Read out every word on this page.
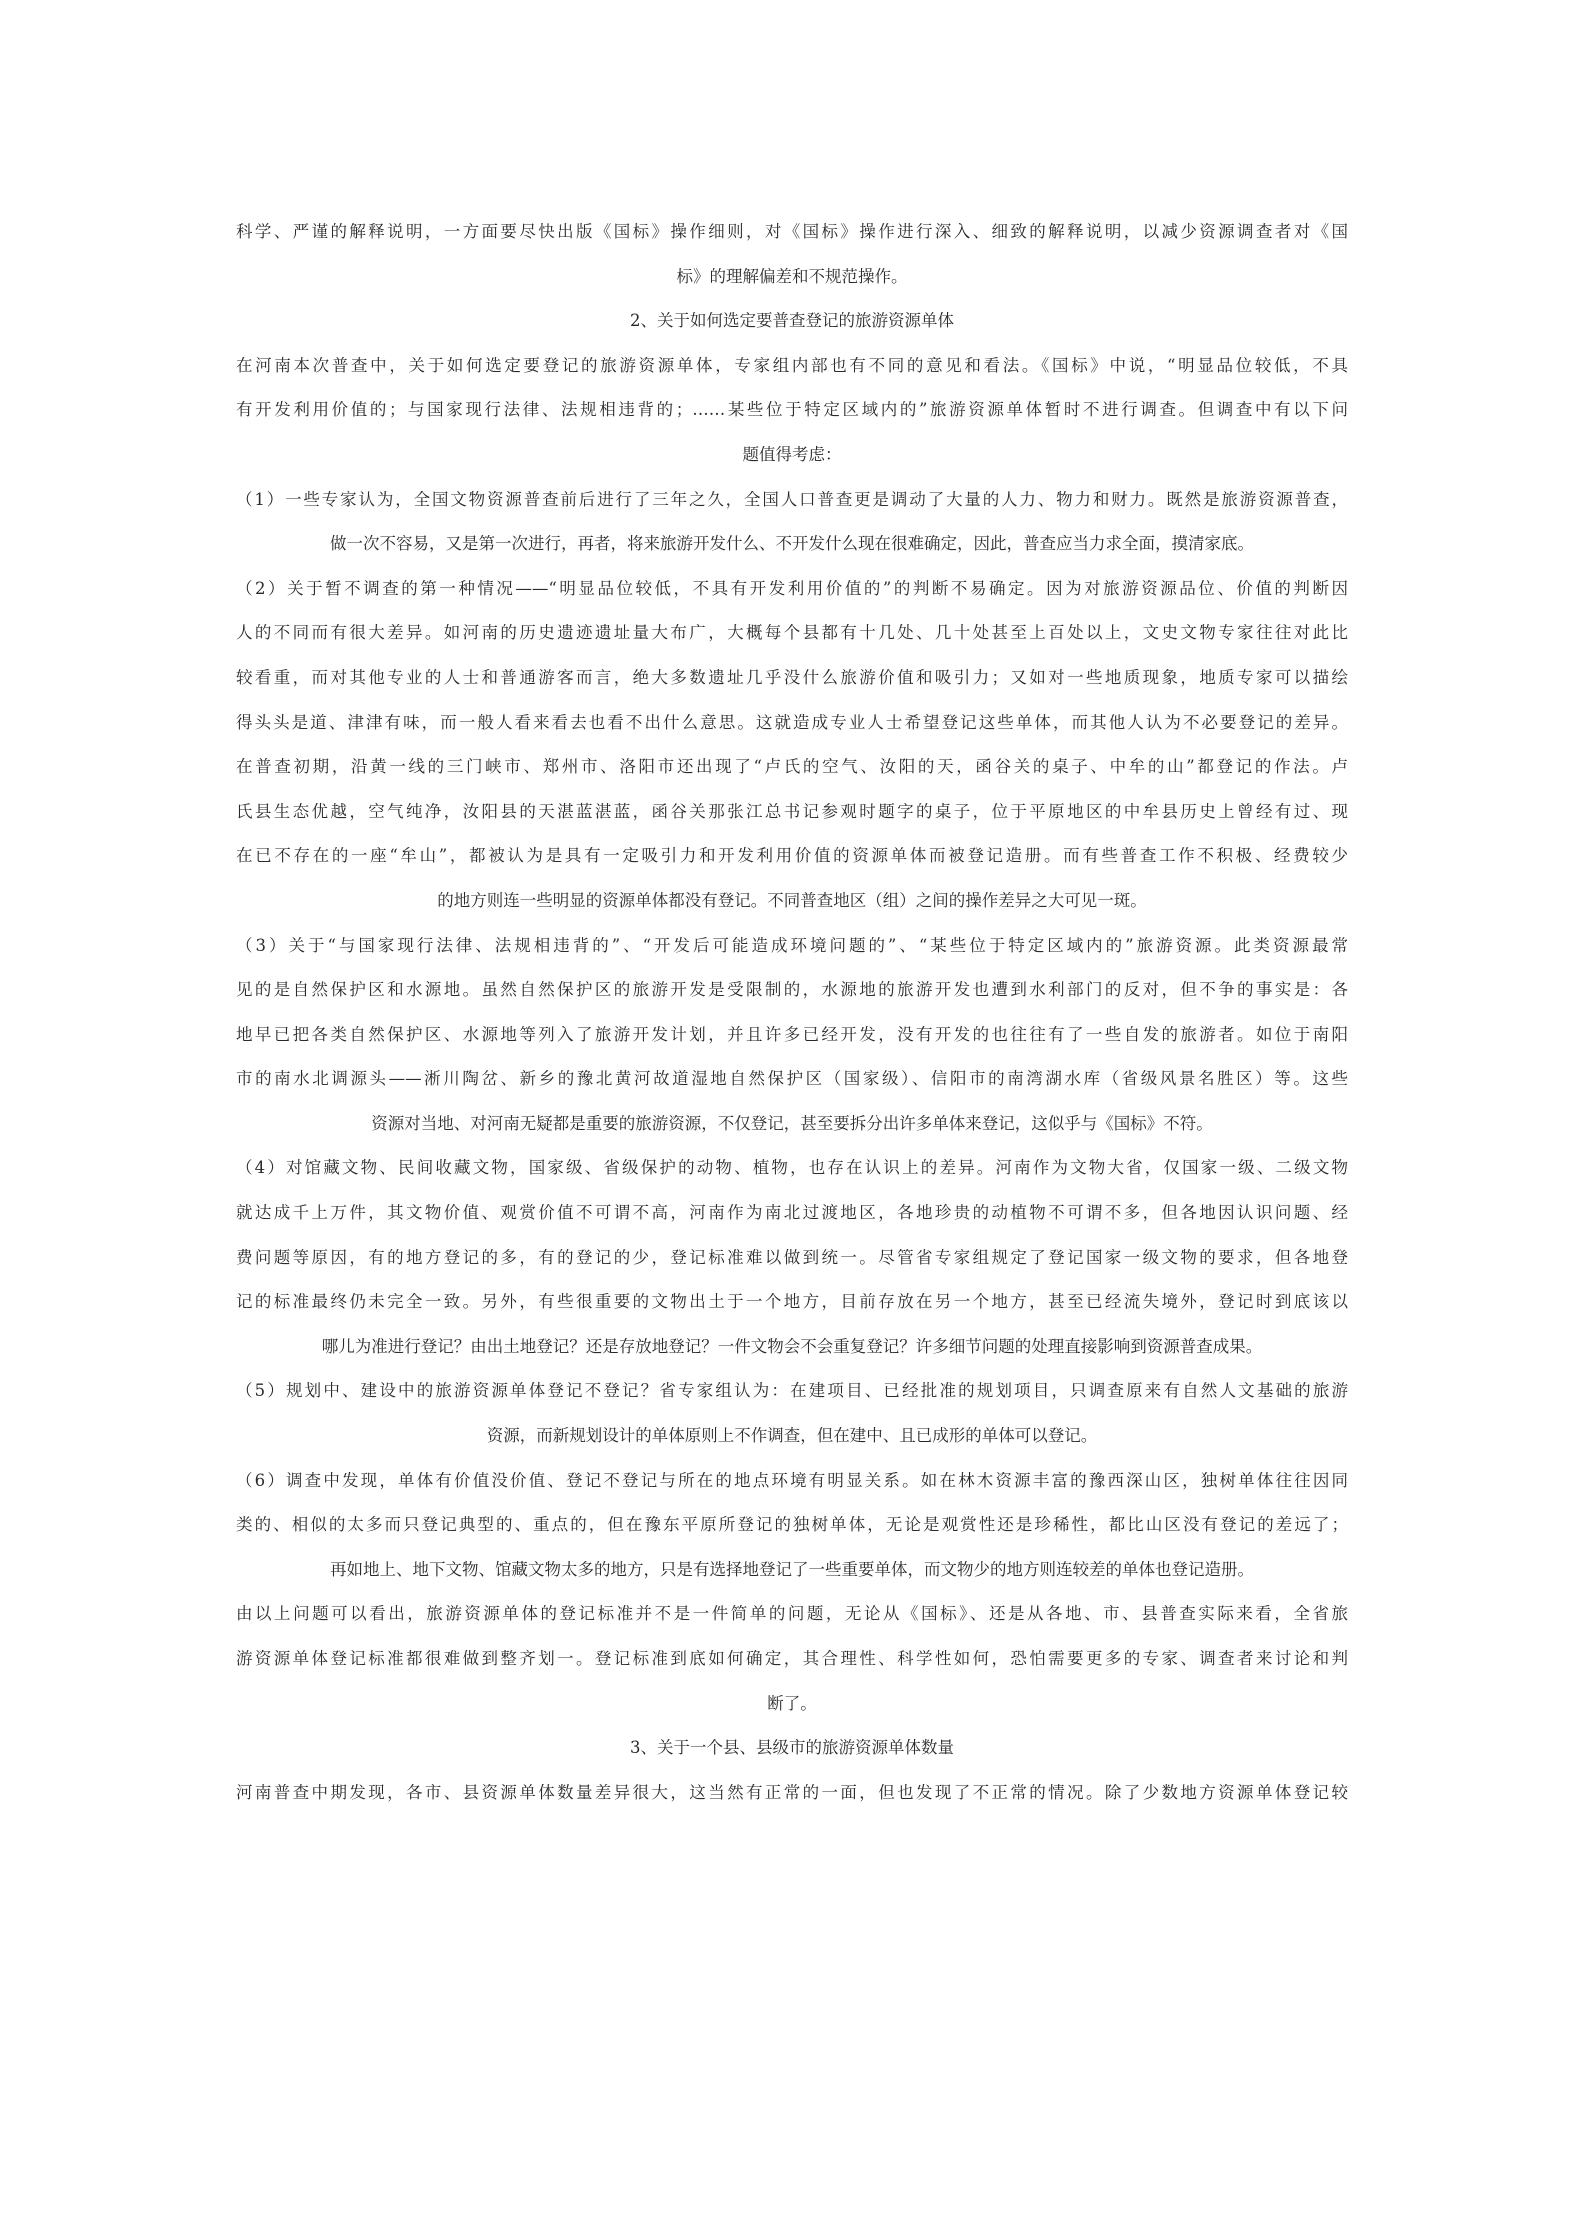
科学、严谨的解释说明，一方面要尽快出版《国标》操作细则，对《国标》操作进行深入、细致的解释说明，以减少资源调查者对《国
标》的理解偏差和不规范操作。
2、关于如何选定要普查登记的旅游资源单体
在河南本次普查中，关于如何选定要登记的旅游资源单体，专家组内部也有不同的意见和看法。《国标》中说，“明显品位较低，不具
有开发利用价值的；与国家现行法律、法规相违背的；……某些位于特定区域内的”旅游资源单体暂时不进行调查。但调查中有以下问
题值得考虑：
（1）一些专家认为，全国文物资源普查前后进行了三年之久，全国人口普查更是调动了大量的人力、物力和财力。既然是旅游资源普查，
做一次不容易，又是第一次进行，再者，将来旅游开发什么、不开发什么现在很难确定，因此，普查应当力求全面，摸清家底。
（2）关于暂不调查的第一种情况——“明显品位较低，不具有开发利用价值的”的判断不易确定。因为对旅游资源品位、价值的判断因
人的不同而有很大差异。如河南的历史遗迹遗址量大布广，大概每个县都有十几处、几十处甚至上百处以上，文史文物专家往往对此比
较看重，而对其他专业的人士和普通游客而言，绝大多数遗址几乎没什么旅游价值和吸引力；又如对一些地质现象，地质专家可以描绘
得头头是道、津津有味，而一般人看来看去也看不出什么意思。这就造成专业人士希望登记这些单体，而其他人认为不必要登记的差异。
在普查初期，沿黄一线的三门峡市、郑州市、洛阳市还出现了“卢氏的空气、汝阳的天，函谷关的桌子、中牟的山”都登记的作法。卢
氏县生态优越，空气纯净，汝阳县的天湛蓝湛蓝，函谷关那张江总书记参观时题字的桌子，位于平原地区的中牟县历史上曾经有过、现
在已不存在的一座“牟山”，都被认为是具有一定吸引力和开发利用价值的资源单体而被登记造册。而有些普查工作不积极、经费较少
的地方则连一些明显的资源单体都没有登记。不同普查地区（组）之间的操作差异之大可见一斑。
（3）关于“与国家现行法律、法规相违背的”、“开发后可能造成环境问题的”、“某些位于特定区域内的”旅游资源。此类资源最常
见的是自然保护区和水源地。虽然自然保护区的旅游开发是受限制的，水源地的旅游开发也遭到水利部门的反对，但不争的事实是：各
地早已把各类自然保护区、水源地等列入了旅游开发计划，并且许多已经开发，没有开发的也往往有了一些自发的旅游者。如位于南阳
市的南水北调源头——淅川陶岔、新乡的豫北黄河故道湿地自然保护区（国家级）、信阳市的南湾湖水库（省级风景名胜区）等。这些
资源对当地、对河南无疑都是重要的旅游资源，不仅登记，甚至要拆分出许多单体来登记，这似乎与《国标》不符。
（4）对馆藏文物、民间收藏文物，国家级、省级保护的动物、植物，也存在认识上的差异。河南作为文物大省，仅国家一级、二级文物
就达成千上万件，其文物价值、观赏价值不可谓不高，河南作为南北过渡地区，各地珍贵的动植物不可谓不多，但各地因认识问题、经
费问题等原因，有的地方登记的多，有的登记的少，登记标准难以做到统一。尽管省专家组规定了登记国家一级文物的要求，但各地登
记的标准最终仍未完全一致。另外，有些很重要的文物出土于一个地方，目前存放在另一个地方，甚至已经流失境外，登记时到底该以
哪儿为准进行登记？由出土地登记？还是存放地登记？一件文物会不会重复登记？许多细节问题的处理直接影响到资源普查成果。
（5）规划中、建设中的旅游资源单体登记不登记？省专家组认为：在建项目、已经批准的规划项目，只调查原来有自然人文基础的旅游
资源，而新规划设计的单体原则上不作调查，但在建中、且已成形的单体可以登记。
（6）调查中发现，单体有价值没价值、登记不登记与所在的地点环境有明显关系。如在林木资源丰富的豫西深山区，独树单体往往因同
类的、相似的太多而只登记典型的、重点的，但在豫东平原所登记的独树单体，无论是观赏性还是珍稀性，都比山区没有登记的差远了；
再如地上、地下文物、馆藏文物太多的地方，只是有选择地登记了一些重要单体，而文物少的地方则连较差的单体也登记造册。
由以上问题可以看出，旅游资源单体的登记标准并不是一件简单的问题，无论从《国标》、还是从各地、市、县普查实际来看，全省旅
游资源单体登记标准都很难做到整齐划一。登记标准到底如何确定，其合理性、科学性如何，恐怕需要更多的专家、调查者来讨论和判
断了。
3、关于一个县、县级市的旅游资源单体数量
河南普查中期发现，各市、县资源单体数量差异很大，这当然有正常的一面，但也发现了不正常的情况。除了少数地方资源单体登记较
